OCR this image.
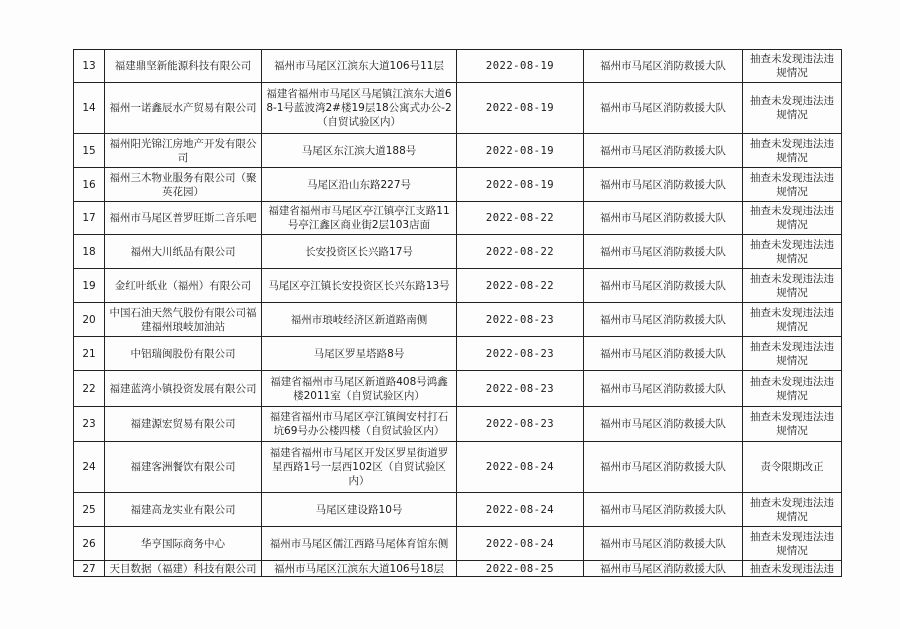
13	福建鼎坚新能源科技有限公司	福州市马尾区江滨东大道106号11层	2022-08-19	福州市马尾区消防救援大队	抽查未发现违法违规情况
14	福州一诺鑫辰水产贸易有限公司	福建省福州市马尾区马尾镇江滨东大道68-1号蓝波湾2#楼19层18公寓式办公-2（自贸试验区内）	2022-08-19	福州市马尾区消防救援大队	抽查未发现违法违规情况
15	福州阳光锦江房地产开发有限公司	马尾区东江滨大道188号	2022-08-19	福州市马尾区消防救援大队	抽查未发现违法违规情况
16	福州三木物业服务有限公司（聚英花园）	马尾区沿山东路227号	2022-08-19	福州市马尾区消防救援大队	抽查未发现违法违规情况
17	福州市马尾区普罗旺斯二音乐吧	福建省福州市马尾区亭江镇亭江支路11号亭江鑫区商业街2层103店面	2022-08-22	福州市马尾区消防救援大队	抽查未发现违法违规情况
18	福州大川纸品有限公司	长安投资区长兴路17号	2022-08-22	福州市马尾区消防救援大队	抽查未发现违法违规情况
19	金红叶纸业（福州）有限公司	马尾区亭江镇长安投资区长兴东路13号	2022-08-22	福州市马尾区消防救援大队	抽查未发现违法违规情况
20	中国石油天然气股份有限公司福建福州琅岐加油站	福州市琅岐经济区新道路南侧	2022-08-23	福州市马尾区消防救援大队	抽查未发现违法违规情况
21	中铝瑞闽股份有限公司	马尾区罗星塔路8号	2022-08-23	福州市马尾区消防救援大队	抽查未发现违法违规情况
22	福建蓝湾小镇投资发展有限公司	福建省福州市马尾区新道路408号鸿鑫楼2011室（自贸试验区内）	2022-08-23	福州市马尾区消防救援大队	抽查未发现违法违规情况
23	福建源宏贸易有限公司	福建省福州市马尾区亭江镇闽安村打石坑69号办公楼四楼（自贸试验区内）	2022-08-23	福州市马尾区消防救援大队	抽查未发现违法违规情况
24	福建客洲餐饮有限公司	福建省福州市马尾区开发区罗星街道罗星西路1号一层西102区（自贸试验区内）	2022-08-24	福州市马尾区消防救援大队	责令限期改正
25	福建高龙实业有限公司	马尾区建设路10号	2022-08-24	福州市马尾区消防救援大队	抽查未发现违法违规情况
26	华亨国际商务中心	福州市马尾区儒江西路马尾体育馆东侧	2022-08-24	福州市马尾区消防救援大队	抽查未发现违法违规情况
27	天目数据（福建）科技有限公司	福州市马尾区江滨东大道106号18层	2022-08-25	福州市马尾区消防救援大队	抽查未发现违法违
